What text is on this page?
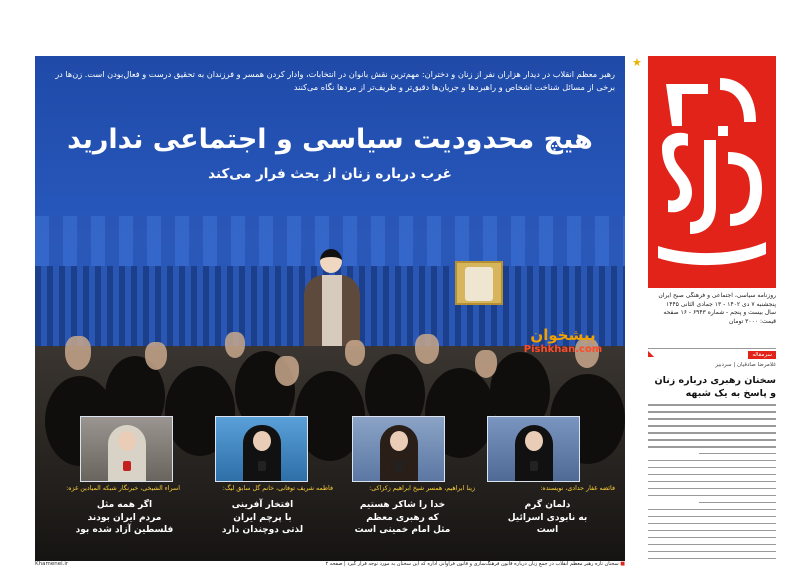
★
روزنامه سیاسی، اجتماعی و فرهنگی صبح ایران
پنجشنبه ۷ دی ۱۴۰۲ - ۱۳ جمادی الثانی ۱۴۴۵
سال بیست و پنجم - شماره ۶۹۴۳ - ۱۶ صفحه
قیمت: ۳۰۰۰ تومان
سرمقاله
◣
غلامرضا صادقیان | سردبیر
سخنان رهبری درباره زنان
و پاسخ به یک شبهه
رهبر معظم انقلاب در دیدار هزاران نفر از زنان و دختران: مهم‌ترین نقش بانوان در انتخابات، وادار کردن همسر و فرزندان به تحقیق درست و فعال‌بودن است. زن‌ها در برخی از مسائل شناخت اشخاص و راهبردها و جریان‌ها دقیق‌تر و ظریف‌تر از مردها نگاه می‌کنند
هیچ محدودیت سیاسی و اجتماعی ندارید
غرب درباره زنان از بحث فرار می‌کند
پیشخوان
Pishkhan.com
فائضه غفار حدادی، نویسنده:
دلمان گرم
به نابودی اسرائیل
است
زینا ابراهیم، همسر شیخ ابراهیم زکزاکی:
خدا را شاکر هستیم
که رهبری معظم
مثل امام خمینی است
فاطمه شریف توفانی، خانم گل سابق لیگ:
افتخار آفرینی
با پرچم ایران
لذتی دوچندان دارد
اسراء الشیخی، خبرنگار شبکه المیادین غزه:
اگر همه مثل
مردم ایران بودند
فلسطین آزاد شده بود
Khamenei.ir	■ سخنان تازه رهبر معظم انقلاب در جمع زنان درباره قانون فرهنگ‌سازی و قانون فراوانی اداره که این سخنان به مورد توجه قرار گیرد | صفحه ۲
